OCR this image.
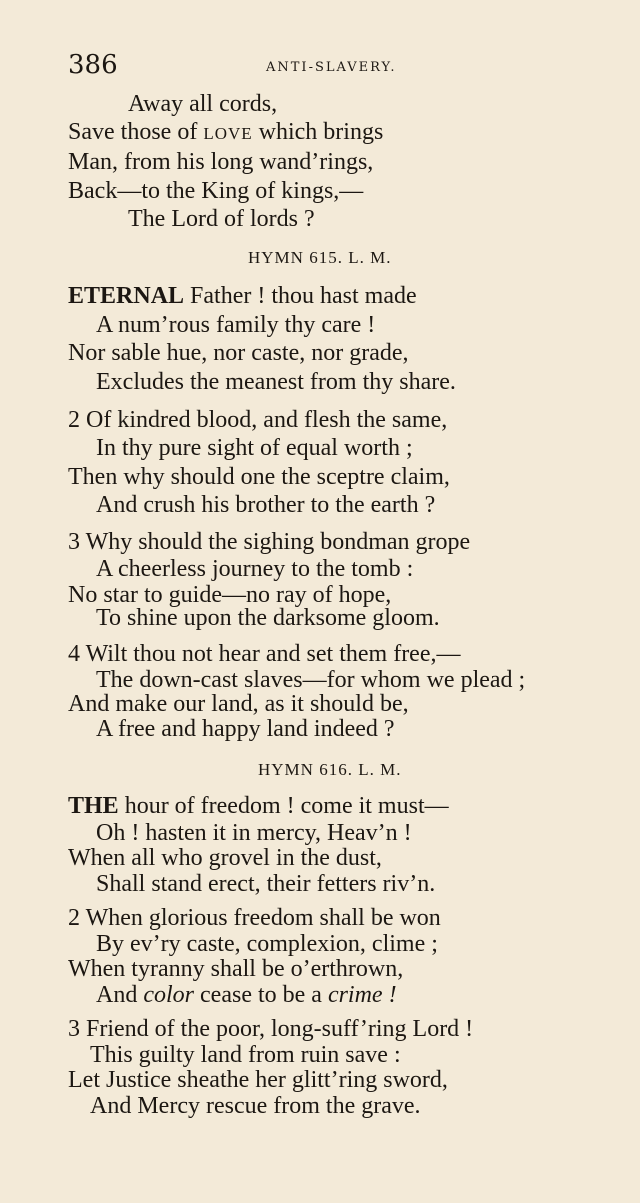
386	ANTI-SLAVERY.
Away all cords,
Save those of love which brings
Man, from his long wand’rings,
Back—to the King of kings,—
The Lord of lords ?
HYMN 615. L. M.
ETERNAL Father ! thou hast made
A num’rous family thy care !
Nor sable hue, nor caste, nor grade,
Excludes the meanest from thy share.
2 Of kindred blood, and flesh the same,
In thy pure sight of equal worth ;
Then why should one the sceptre claim,
And crush his brother to the earth ?
3 Why should the sighing bondman grope
A cheerless journey to the tomb :
No star to guide—no ray of hope,
To shine upon the darksome gloom.
4 Wilt thou not hear and set them free,—
The down-cast slaves—for whom we plead ;
And make our land, as it should be,
A free and happy land indeed ?
HYMN 616. L. M.
THE hour of freedom ! come it must—
Oh ! hasten it in mercy, Heav’n !
When all who grovel in the dust,
Shall stand erect, their fetters riv’n.
2 When glorious freedom shall be won
By ev’ry caste, complexion, clime ;
When tyranny shall be o’erthrown,
And color cease to be a crime !
3 Friend of the poor, long-suff’ring Lord !
This guilty land from ruin save :
Let Justice sheathe her glitt’ring sword,
And Mercy rescue from the grave.
